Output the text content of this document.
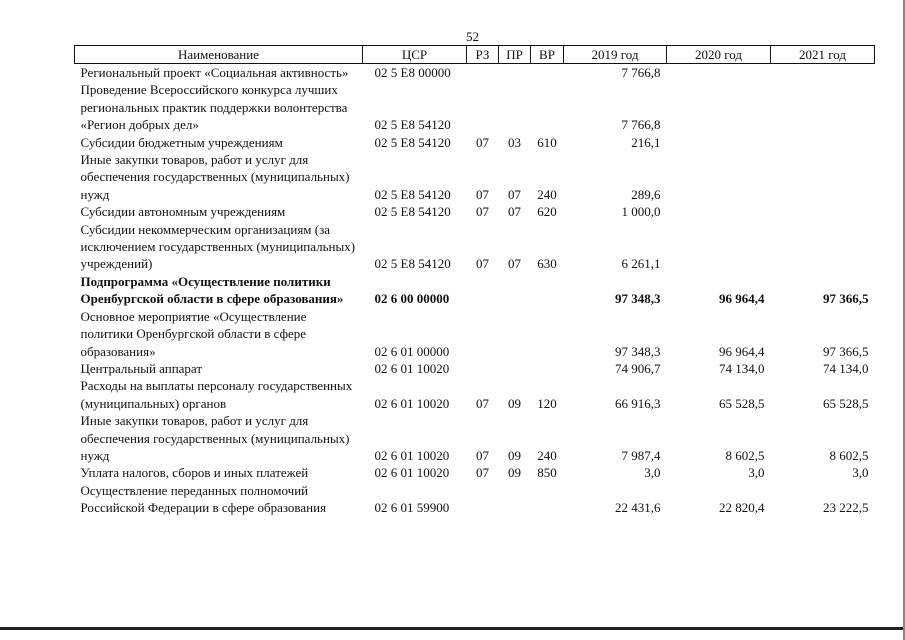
52
Наименование	ЦСР	РЗ	ПР	ВР	2019 год	2020 год	2021 год
Региональный проект «Социальная активность»	02 5 E8 00000				7 766,8		
Проведение Всероссийского конкурса лучших региональных практик поддержки волонтерства «Регион добрых дел»	02 5 E8 54120				7 766,8		
Субсидии бюджетным учреждениям	02 5 E8 54120	07	03	610	216,1		
Иные закупки товаров, работ и услуг для обеспечения государственных (муниципальных) нужд	02 5 E8 54120	07	07	240	289,6		
Субсидии автономным учреждениям	02 5 E8 54120	07	07	620	1 000,0		
Субсидии некоммерческим организациям (за исключением государственных (муниципальных) учреждений)	02 5 E8 54120	07	07	630	6 261,1		
Подпрограмма «Осуществление политики Оренбургской области в сфере образования»	02 6 00 00000				97 348,3	96 964,4	97 366,5
Основное мероприятие «Осуществление политики Оренбургской области в сфере образования»	02 6 01 00000				97 348,3	96 964,4	97 366,5
Центральный аппарат	02 6 01 10020				74 906,7	74 134,0	74 134,0
Расходы на выплаты персоналу государственных (муниципальных) органов	02 6 01 10020	07	09	120	66 916,3	65 528,5	65 528,5
Иные закупки товаров, работ и услуг для обеспечения государственных (муниципальных) нужд	02 6 01 10020	07	09	240	7 987,4	8 602,5	8 602,5
Уплата налогов, сборов и иных платежей	02 6 01 10020	07	09	850	3,0	3,0	3,0
Осуществление переданных полномочий Российской Федерации в сфере образования	02 6 01 59900				22 431,6	22 820,4	23 222,5
